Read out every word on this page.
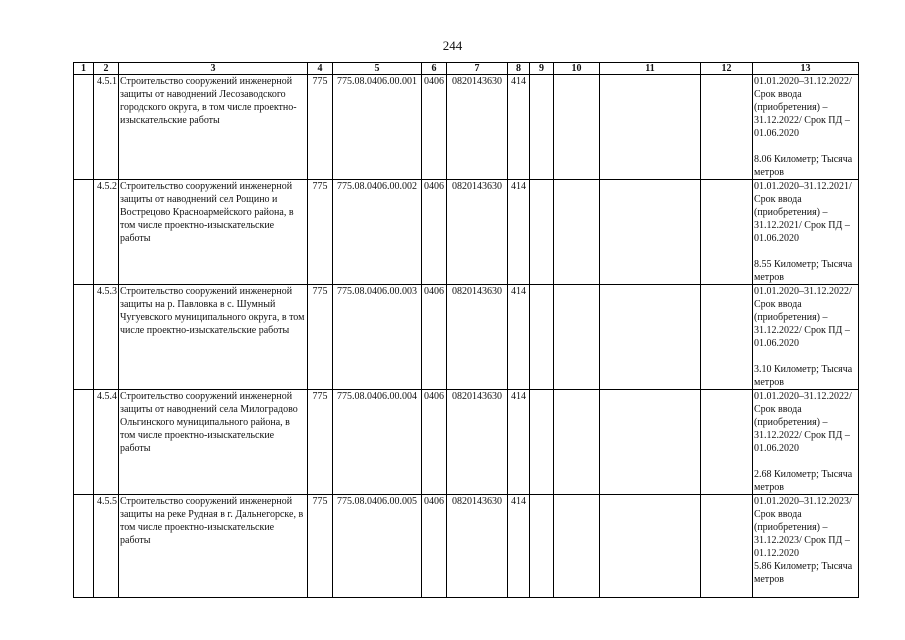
244
1	2	3	4	5	6	7	8	9	10	11	12	13
	4.5.1	Строительство сооружений инженерной защиты от наводнений Лесозаводского городского округа, в том числе проектно-изыскательские работы	775	775.08.0406.00.001	0406	0820143630	414					01.01.2020–31.12.2022/ Срок ввода (приобретения) – 31.12.2022/ Срок ПД – 01.06.2020
8.06 Километр; Тысяча метров

	4.5.2	Строительство сооружений инженерной защиты от наводнений сел Рощино и Вострецово Красноармейского района, в том числе проектно-изыскательские работы	775	775.08.0406.00.002	0406	0820143630	414					01.01.2020–31.12.2021/ Срок ввода (приобретения) – 31.12.2021/ Срок ПД – 01.06.2020
8.55 Километр; Тысяча метров

	4.5.3	Строительство сооружений инженерной защиты на р. Павловка в с. Шумный Чугуевского муниципального округа, в том числе проектно-изыскательские работы	775	775.08.0406.00.003	0406	0820143630	414					01.01.2020–31.12.2022/ Срок ввода (приобретения) – 31.12.2022/ Срок ПД – 01.06.2020
3.10 Километр; Тысяча метров

	4.5.4	Строительство сооружений инженерной защиты от наводнений села Милоградово Ольгинского муниципального района, в том числе проектно-изыскательские работы	775	775.08.0406.00.004	0406	0820143630	414					01.01.2020–31.12.2022/ Срок ввода (приобретения) – 31.12.2022/ Срок ПД – 01.06.2020
2.68 Километр; Тысяча метров

	4.5.5	Строительство сооружений инженерной защиты на реке Рудная в г. Дальнегорске, в том числе проектно-изыскательские работы	775	775.08.0406.00.005	0406	0820143630	414					01.01.2020–31.12.2023/ Срок ввода (приобретения) – 31.12.2023/ Срок ПД – 01.12.2020
5.86 Километр; Тысяча метров
